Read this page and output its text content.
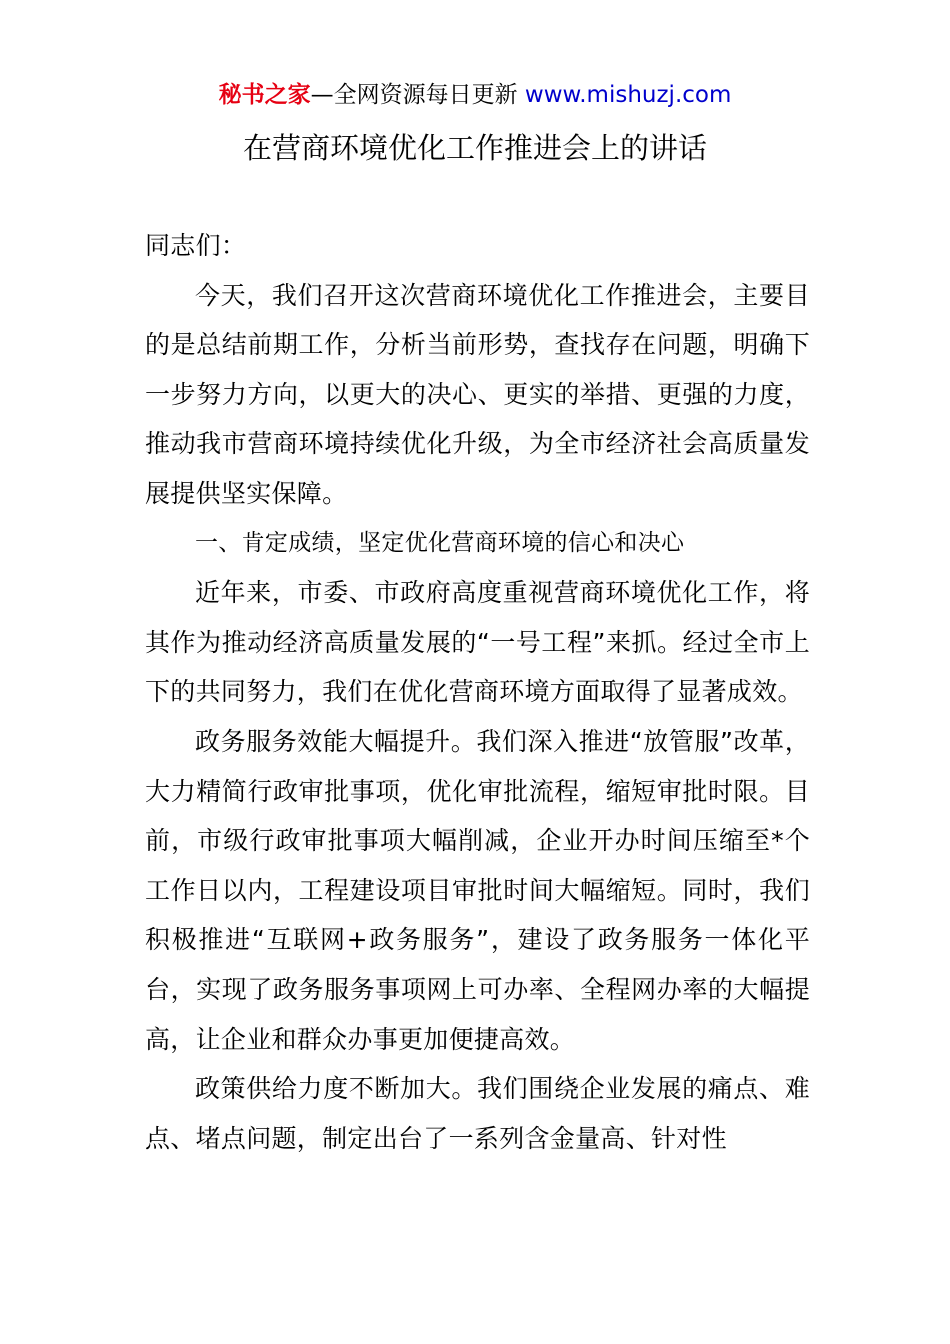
秘书之家—全网资源每日更新 www.mishuzj.com
在营商环境优化工作推进会上的讲话

同志们：

今天，我们召开这次营商环境优化工作推进会，主要目的是总结前期工作，分析当前形势，查找存在问题，明确下一步努力方向，以更大的决心、更实的举措、更强的力度，推动我市营商环境持续优化升级，为全市经济社会高质量发展提供坚实保障。

一、肯定成绩，坚定优化营商环境的信心和决心

近年来，市委、市政府高度重视营商环境优化工作，将其作为推动经济高质量发展的“一号工程”来抓。经过全市上下的共同努力，我们在优化营商环境方面取得了显著成效。

政务服务效能大幅提升。我们深入推进“放管服”改革，大力精简行政审批事项，优化审批流程，缩短审批时限。目前，市级行政审批事项大幅削减，企业开办时间压缩至*个工作日以内，工程建设项目审批时间大幅缩短。同时，我们积极推进“互联网+政务服务”，建设了政务服务一体化平台，实现了政务服务事项网上可办率、全程网办率的大幅提高，让企业和群众办事更加便捷高效。

政策供给力度不断加大。我们围绕企业发展的痛点、难点、堵点问题，制定出台了一系列含金量高、针对性
